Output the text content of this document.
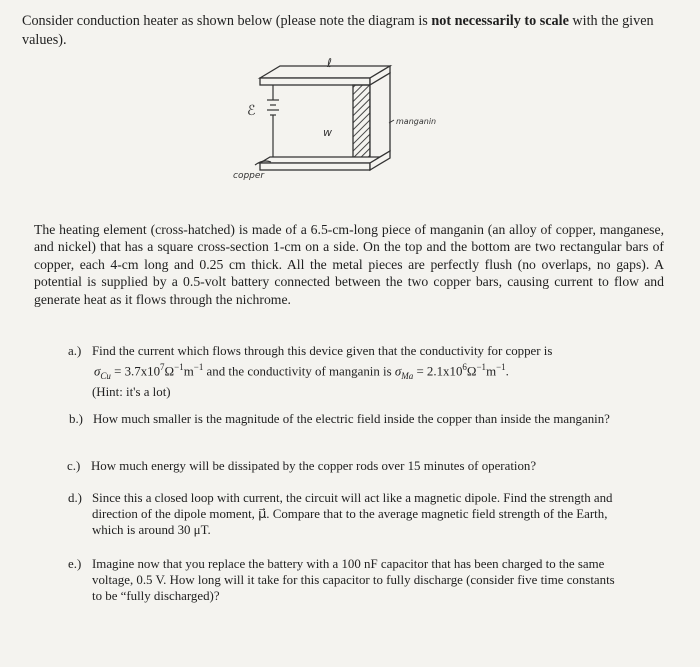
Consider conduction heater as shown below (please note the diagram is not necessarily to scale with the given values).

ℓ
ℰ
w
copper
manganin

The heating element (cross-hatched) is made of a 6.5-cm-long piece of manganin (an alloy of copper, manganese, and nickel) that has a square cross-section 1-cm on a side. On the top and the bottom are two rectangular bars of copper, each 4-cm long and 0.25 cm thick. All the metal pieces are perfectly flush (no overlaps, no gaps). A potential is supplied by a 0.5-volt battery connected between the two copper bars, causing current to flow and generate heat as it flows through the nichrome.

a.) Find the current which flows through this device given that the conductivity for copper is
$\sigma_{Cu} = 3.7x10^7\Omega^{-1}m^{-1}$ and the conductivity of manganin is $\sigma_{Ma} = 2.1x10^6\Omega^{-1}m^{-1}$.
(Hint: it's a lot)
b.) How much smaller is the magnitude of the electric field inside the copper than inside the manganin?
c.) How much energy will be dissipated by the copper rods over 15 minutes of operation?
d.) Since this a closed loop with current, the circuit will act like a magnetic dipole. Find the strength and direction of the dipole moment, μ⃗. Compare that to the average magnetic field strength of the Earth, which is around 30 μT.
e.) Imagine now that you replace the battery with a 100 nF capacitor that has been charged to the same voltage, 0.5 V. How long will it take for this capacitor to fully discharge (consider five time constants to be “fully discharged)?
